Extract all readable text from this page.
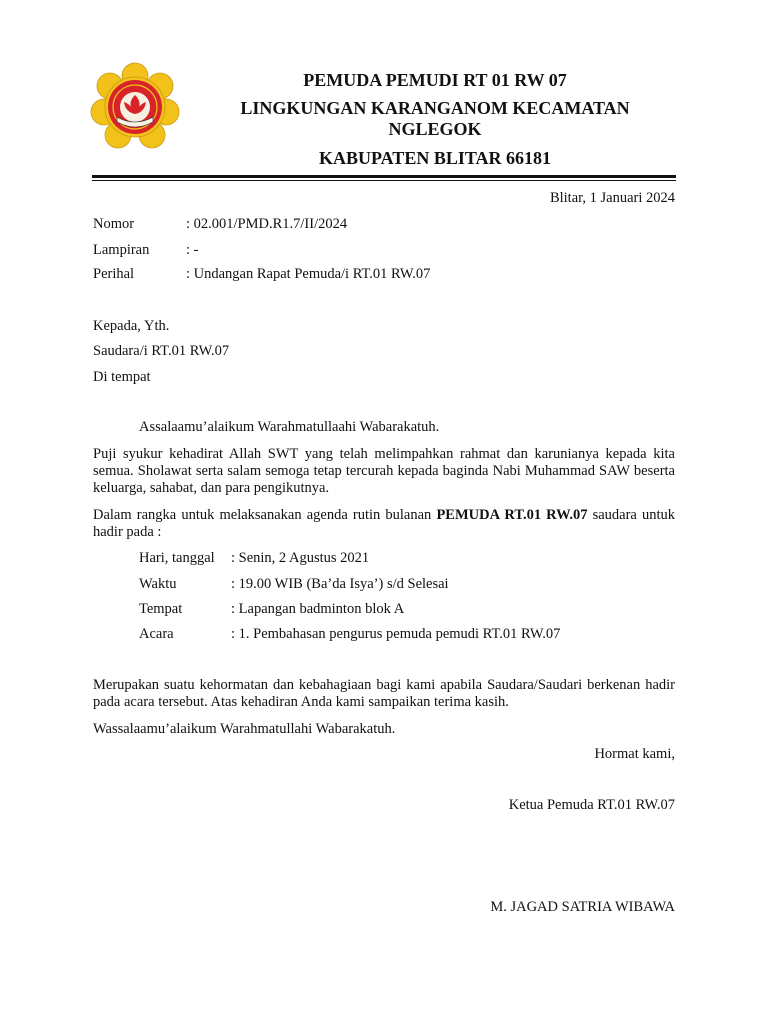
PEMUDA PEMUDI RT 01 RW 07
LINGKUNGAN KARANGANOM KECAMATAN
NGLEGOK
KABUPATEN BLITAR 66181
Blitar, 1 Januari 2024
Nomor	: 02.001/PMD.R1.7/II/2024
Lampiran	: -
Perihal	: Undangan Rapat Pemuda/i RT.01 RW.07
Kepada, Yth.
Saudara/i RT.01 RW.07
Di tempat
Assalaamu’alaikum Warahmatullaahi Wabarakatuh.
Puji syukur kehadirat Allah SWT yang telah melimpahkan rahmat dan karunianya kepada kita semua. Sholawat serta salam semoga tetap tercurah kepada baginda Nabi Muhammad SAW beserta keluarga, sahabat, dan para pengikutnya.
Dalam rangka untuk melaksanakan agenda rutin bulanan PEMUDA RT.01 RW.07 saudara untuk hadir pada :
Hari, tanggal : Senin, 2 Agustus 2021
Waktu	: 19.00 WIB (Ba’da Isya’) s/d Selesai
Tempat	: Lapangan badminton blok A
Acara	: 1. Pembahasan pengurus pemuda pemudi RT.01 RW.07
Merupakan suatu kehormatan dan kebahagiaan bagi kami apabila Saudara/Saudari berkenan hadir pada acara tersebut. Atas kehadiran Anda kami sampaikan terima kasih.
Wassalaamu’alaikum Warahmatullahi Wabarakatuh.
Hormat kami,
Ketua Pemuda RT.01 RW.07
M. JAGAD SATRIA WIBAWA
